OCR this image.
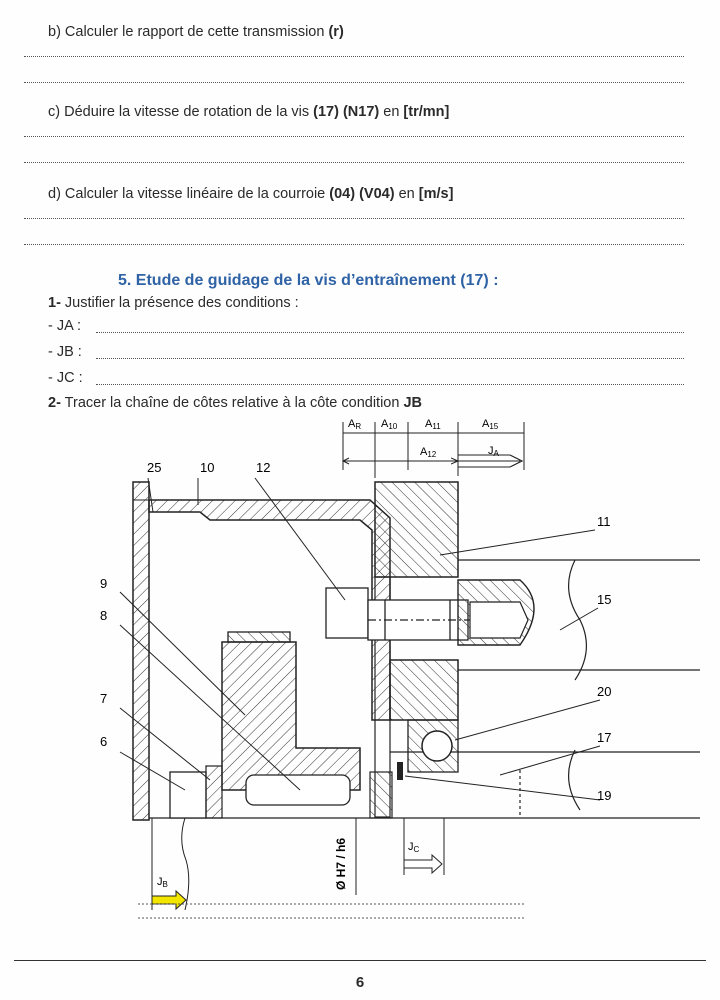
b) Calculer le rapport de cette transmission (r)
c) Déduire la vitesse de rotation de la vis (17) (N17) en [tr/mn]
d) Calculer la vitesse linéaire de la courroie (04) (V04) en [m/s]
5. Etude de guidage de la vis d’entraînement (17) :
1- Justifier la présence des conditions :
- JA :
- JB :
- JC :
2- Tracer la chaîne de côtes relative à la côte condition JB
AR A10	A11	A15
A12	JA
25	10	12
11
15
9
8
7
6
20
17
19
Ø H7 / h6	JC
JB
6
